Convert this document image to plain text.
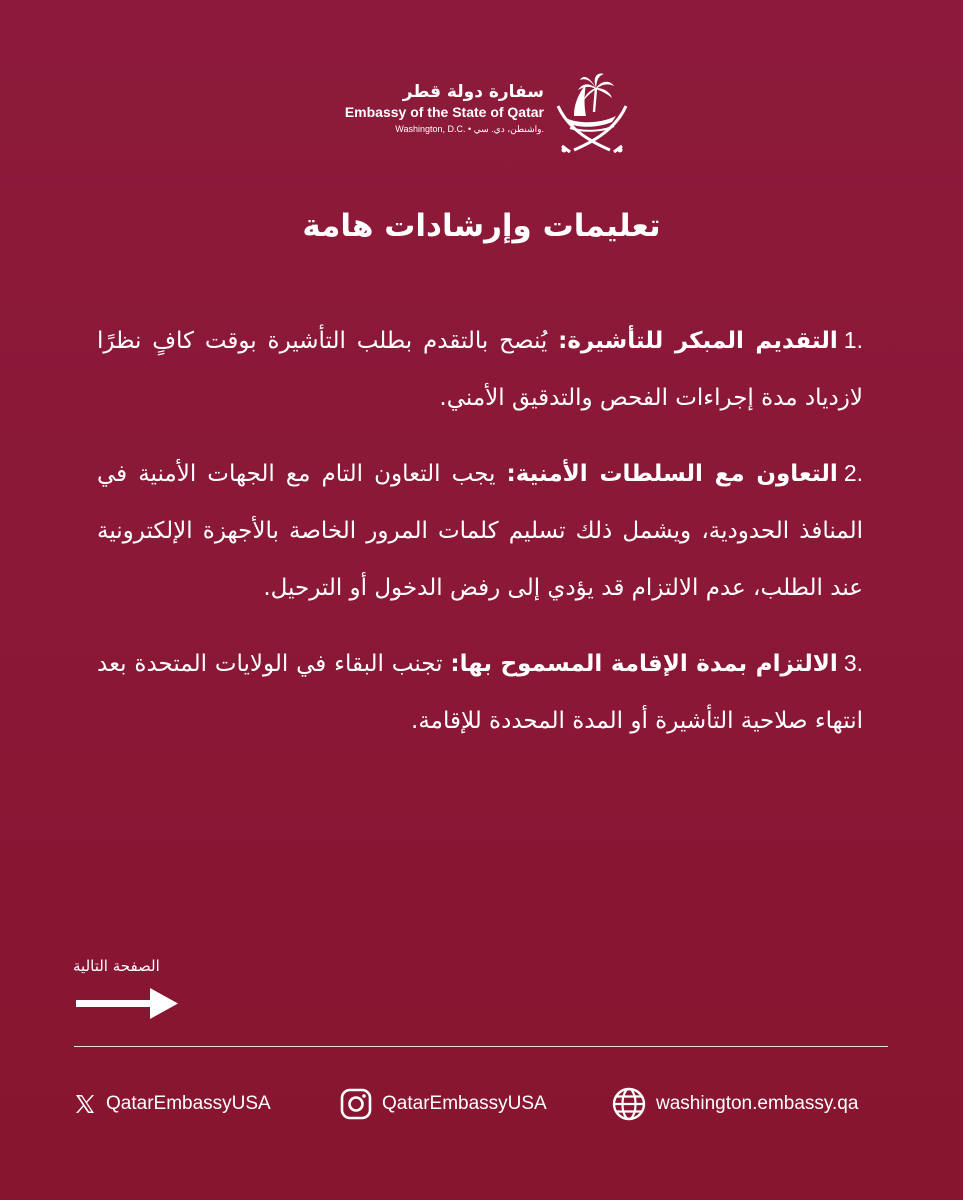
سفارة دولة قطر
Embassy of the State of Qatar
Washington, D.C. • واشنطن، دي. سي.
تعليمات وإرشادات هامة

.1التقديم المبكر للتأشيرة: يُنصح بالتقدم بطلب التأشيرة بوقت كافٍ نظرًا لازدياد مدة إجراءات الفحص والتدقيق الأمني.

.2التعاون مع السلطات الأمنية: يجب التعاون التام مع الجهات الأمنية في المنافذ الحدودية، ويشمل ذلك تسليم كلمات المرور الخاصة بالأجهزة الإلكترونية عند الطلب، عدم الالتزام قد يؤدي إلى رفض الدخول أو الترحيل.

.3الالتزام بمدة الإقامة المسموح بها: تجنب البقاء في الولايات المتحدة بعد انتهاء صلاحية التأشيرة أو المدة المحددة للإقامة.

الصفحة التالية
QatarEmbassyUSA	QatarEmbassyUSA	washington.embassy.qa
